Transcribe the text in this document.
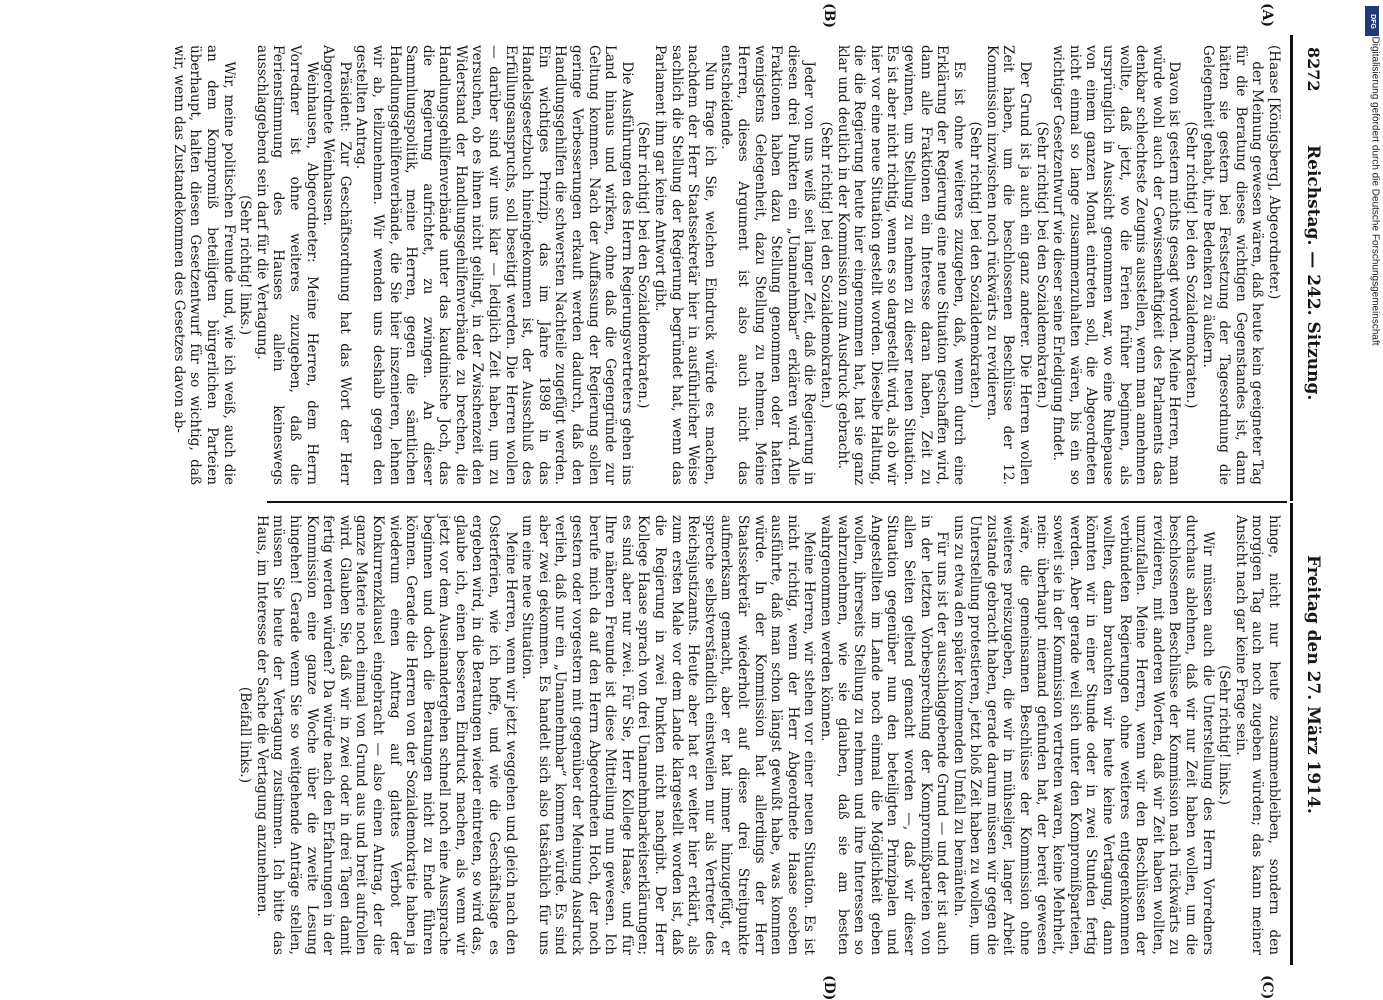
8272
Reichstag. — 242. Sitzung.
Freitag den 27. März 1914.
(A)
(B)
(C)
(D)

(Haase [Königsberg], Abgeordneter.)

der Meinung gewesen wären, daß heute kein geeigneter Tag für die Beratung dieses wichtigen Gegenstandes ist, dann hätten sie gestern bei Festsetzung der Tagesordnung die Gelegenheit gehabt, ihre Bedenken zu äußern.

(Sehr richtig! bei den Sozialdemokraten.)

Davon ist gestern nichts gesagt worden. Meine Herren, man würde wohl auch der Gewissenhaftigkeit des Parlaments das denkbar schlechteste Zeugnis ausstellen, wenn man annehmen wollte, daß jetzt, wo die Ferien früher beginnen, als ursprünglich in Aussicht genommen war, wo eine Ruhepause von einem ganzen Monat eintreten soll, die Abgeordneten nicht einmal so lange zusammenzuhalten wären, bis ein so wichtiger Gesetzentwurf wie dieser seine Erledigung findet.

(Sehr richtig! bei den Sozialdemokraten.)

Der Grund ist ja auch ein ganz anderer. Die Herren wollen Zeit haben, um die beschlossenen Beschlüsse der 12. Kommission inzwischen noch rückwärts zu revidieren.

(Sehr richtig! bei den Sozialdemokraten.)

Es ist ohne weiteres zuzugeben, daß, wenn durch eine Erklärung der Regierung eine neue Situation geschaffen wird, dann alle Fraktionen ein Interesse daran haben, Zeit zu gewinnen, um Stellung zu nehmen zu dieser neuen Situation. Es ist aber nicht richtig, wenn es so dargestellt wird, als ob wir hier vor eine neue Situation gestellt worden. Dieselbe Haltung, die die Regierung heute hier eingenommen hat, hat sie ganz klar und deutlich in der Kommission zum Ausdruck gebracht.

(Sehr richtig! bei den Sozialdemokraten.)

Jeder von uns weiß seit langer Zeit, daß die Regierung in diesen drei Punkten ein „Unannehmbar“ erklären wird. Alle Fraktionen haben dazu Stellung genommen oder hatten wenigstens Gelegenheit, dazu Stellung zu nehmen. Meine Herren, dieses Argument ist also auch nicht das entscheidende.

Nun frage ich Sie, welchen Eindruck würde es machen, nachdem der Herr Staatssekretär hier in ausführlicher Weise sachlich die Stellung der Regierung begründet hat, wenn das Parlament ihm gar keine Antwort gibt.

(Sehr richtig! bei den Sozialdemokraten.)

Die Ausführungen des Herrn Regierungsvertreters gehen ins Land hinaus und wirken, ohne daß die Gegengründe zur Geltung kommen. Nach der Auffassung der Regierung sollen geringe Verbesserungen erkauft werden dadurch, daß den Handlungsgehilfen die schwersten Nachteile zugefügt werden. Ein wichtiges Prinzip, das im Jahre 1898 in das Handelsgesetzbuch hineingekommen ist, der Ausschluß des Erfüllungsanspruchs, soll beseitigt werden. Die Herren wollen — darüber sind wir uns klar — lediglich Zeit haben, um zu versuchen, ob es ihnen nicht gelingt, in der Zwischenzeit den Widerstand der Handlungsgehilfenverbände zu brechen, die Handlungsgehilfenverbände unter das kaudinische Joch, das die Regierung aufrichtet, zu zwingen. An dieser Sammlungspolitik, meine Herren, gegen die sämtlichen Handlungsgehilfenverbände, die Sie hier inszenieren, lehnen wir ab, teilzunehmen. Wir wenden uns deshalb gegen den gestellten Antrag.

Präsident: Zur Geschäftsordnung hat das Wort der Herr Abgeordnete Weinhausen.

Weinhausen, Abgeordneter: Meine Herren, dem Herrn Vorredner ist ohne weiteres zuzugeben, daß die Ferienstimmung des Hauses allein keineswegs ausschlaggebend sein darf für die Vertagung.

(Sehr richtig! links.)

Wir, meine politischen Freunde und, wie ich weiß, auch die an dem Kompromiß beteiligten bürgerlichen Parteien überhaupt, halten diesen Gesetzentwurf für so wichtig, daß wir, wenn das Zustandekommen des Gesetzes davon ab-

hinge, nicht nur heute zusammenbleiben, sondern den morgigen Tag auch noch zugeben würden; das kann meiner Ansicht nach gar keine Frage sein.

(Sehr richtig! links.)

Wir müssen auch die Unterstellung des Herrn Vorredners durchaus ablehnen, daß wir nur Zeit haben wollen, um die beschlossenen Beschlüsse der Kommission nach rückwärts zu revidieren, mit anderen Worten, daß wir Zeit haben wollten, umzufallen. Meine Herren, wenn wir den Beschlüssen der verbündeten Regierungen ohne weiteres entgegenkommen wollten, dann brauchten wir heute keine Vertagung, dann könnten wir in einer Stunde oder in zwei Stunden fertig werden. Aber gerade weil sich unter den Kompromißparteien, soweit sie in der Kommission vertreten waren, keine Mehrheit, nein: überhaupt niemand gefunden hat, der bereit gewesen wäre, die gemeinsamen Beschlüsse der Kommission ohne weiteres preiszugeben, die wir in mühseliger, langer Arbeit zustande gebracht haben, gerade darum müssen wir gegen die Unterstellung protestieren, jetzt bloß Zeit haben zu wollen, um uns zu etwa den später kommenden Umfall zu bemänteln.

Für uns ist der ausschlaggebende Grund — und der ist auch in der letzten Vorbesprechung der Kompromißparteien von allen Seiten geltend gemacht worden —, daß wir dieser Situation gegenüber nun den beteiligten Prinzipalen und Angestellten im Lande noch einmal die Möglichkeit geben wollen, ihrerseits Stellung zu nehmen und ihre Interessen so wahrzunehmen, wie sie glauben, daß sie am besten wahrgenommen werden können.

Meine Herren, wir stehen vor einer neuen Situation. Es ist nicht richtig, wenn der Herr Abgeordnete Haase soeben ausführte, daß man schon längst gewußt habe, was kommen würde. In der Kommission hat allerdings der Herr Staatssekretär wiederholt auf diese drei Streitpunkte aufmerksam gemacht, aber er hat immer hinzugefügt, er spreche selbstverständlich einstweilen nur als Vertreter des Reichsjustizamts. Heute aber hat er weiter hier erklärt, als zum ersten Male vor dem Lande klargestellt worden ist, daß die Regierung in zwei Punkten nicht nachgibt. Der Herr Kollege Haase sprach von drei Unannehmbarkeitserklärungen; es sind aber nur zwei. Für Sie, Herr Kollege Haase, und für Ihre näheren Freunde ist diese Mitteilung nun gewesen. Ich berufe mich da auf den Herrn Abgeordneten Hoch, der noch gestern oder vorgestern mit gegenüber der Meinung Ausdruck verlieh, daß nur ein „Unannehmbar“ kommen würde. Es sind aber zwei gekommen. Es handelt sich also tatsächlich für uns um eine neue Situation.

Meine Herren, wenn wir jetzt weggehen und gleich nach den Osterferien, wie ich hoffe, und wie die Geschäftslage es ergeben wird, in die Beratungen wieder eintreten, so wird das, glaube ich, einen besseren Eindruck machen, als wenn wir jetzt vor dem Auseinandergehen schnell noch eine Aussprache beginnen und doch die Beratungen nicht zu Ende führen können. Gerade die Herren von der Sozialdemokratie haben ja wiederum einen Antrag auf glattes Verbot der Konkurrenzklausel eingebracht — also einen Antrag, der die ganze Materie noch einmal von Grund aus und breit aufrollen wird. Glauben Sie, daß wir in zwei oder in drei Tagen damit fertig werden würden? Da würde nach den Erfahrungen in der Kommission eine ganze Woche über die zweite Lesung hingehen! Gerade wenn Sie so weitgehende Anträge stellen, müssen Sie heute der Vertagung zustimmen. Ich bitte das Haus, im Interesse der Sache die Vertagung anzunehmen.

(Beifall links.)

DFG
Digitalisierung gefördert durch die Deutsche Forschungsgemeinschaft
